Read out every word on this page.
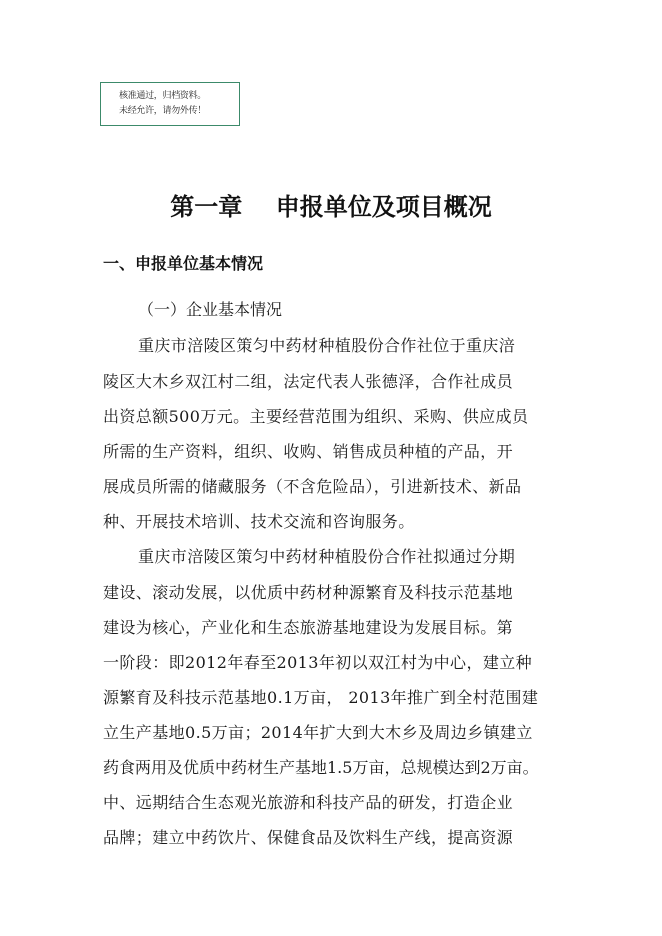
核准通过，归档资料。
未经允许，请勿外传！
第一章    申报单位及项目概况
一、申报单位基本情况
（一）企业基本情况
重庆市涪陵区策匀中药材种植股份合作社位于重庆涪
陵区大木乡双江村二组，法定代表人张德泽，合作社成员
出资总额500万元。主要经营范围为组织、采购、供应成员
所需的生产资料，组织、收购、销售成员种植的产品，开
展成员所需的储藏服务（不含危险品），引进新技术、新品
种、开展技术培训、技术交流和咨询服务。
重庆市涪陵区策匀中药材种植股份合作社拟通过分期
建设、滚动发展，以优质中药材种源繁育及科技示范基地
建设为核心，产业化和生态旅游基地建设为发展目标。第
一阶段：即2012年春至2013年初以双江村为中心，建立种
源繁育及科技示范基地0.1万亩， 2013年推广到全村范围建
立生产基地0.5万亩；2014年扩大到大木乡及周边乡镇建立
药食两用及优质中药材生产基地1.5万亩，总规模达到2万亩。
中、远期结合生态观光旅游和科技产品的研发，打造企业
品牌；建立中药饮片、保健食品及饮料生产线，提高资源
